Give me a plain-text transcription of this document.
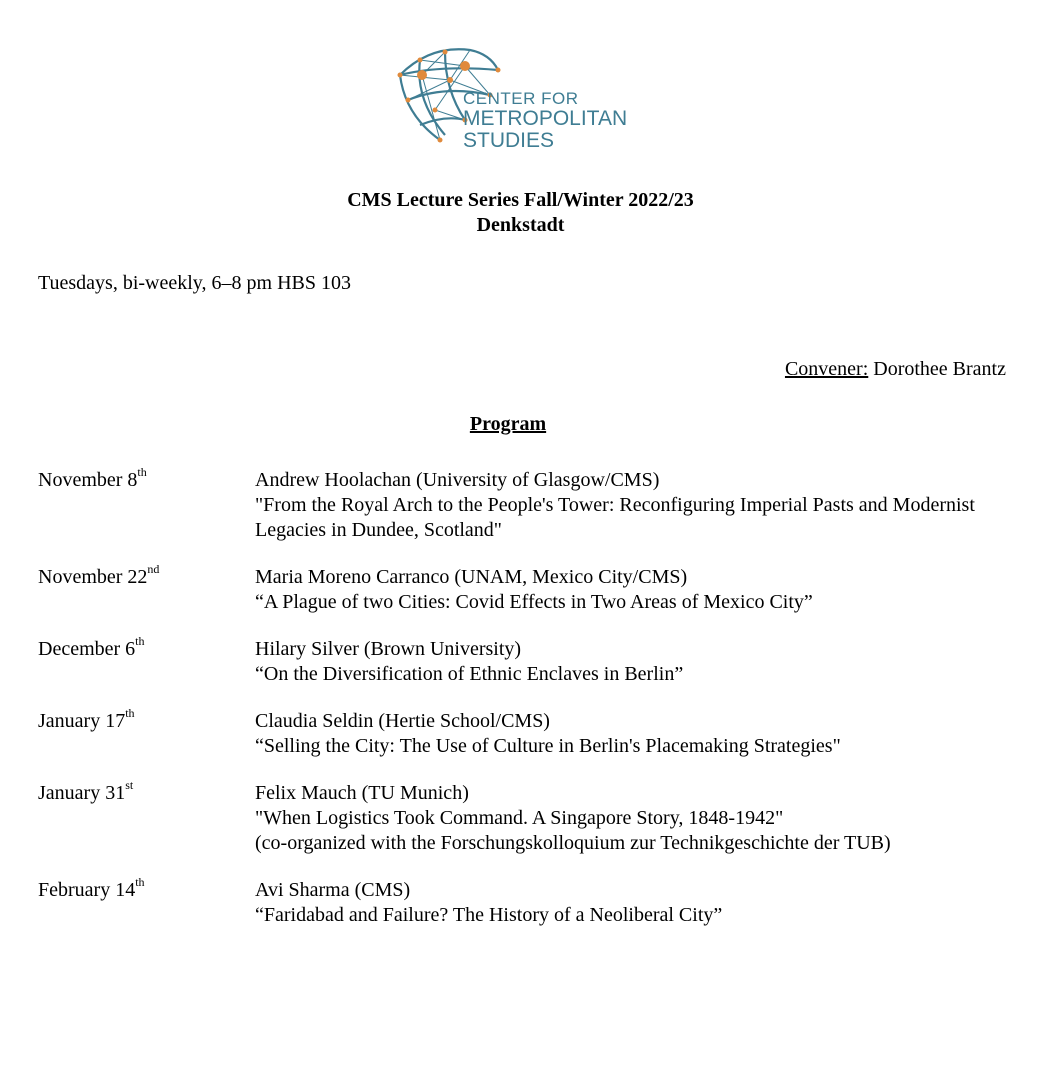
CENTER FOR
METROPOLITAN
STUDIES
CMS Lecture Series Fall/Winter 2022/23
Denkstadt
Tuesdays, bi-weekly, 6–8 pm HBS 103
Convener: Dorothee Brantz
Program
November 8th	Andrew Hoolachan (University of Glasgow/CMS)
"From the Royal Arch to the People's Tower: Reconfiguring Imperial Pasts and Modernist Legacies in Dundee, Scotland"
November 22nd	Maria Moreno Carranco (UNAM, Mexico City/CMS)
“A Plague of two Cities: Covid Effects in Two Areas of Mexico City”
December 6th	Hilary Silver (Brown University)
“On the Diversification of Ethnic Enclaves in Berlin”
January 17th	Claudia Seldin (Hertie School/CMS)
“Selling the City: The Use of Culture in Berlin's Placemaking Strategies"
January 31st	Felix Mauch (TU Munich)
"When Logistics Took Command. A Singapore Story, 1848-1942"
(co-organized with the Forschungskolloquium zur Technikgeschichte der TUB)
February 14th	Avi Sharma (CMS)
“Faridabad and Failure? The History of a Neoliberal City”
